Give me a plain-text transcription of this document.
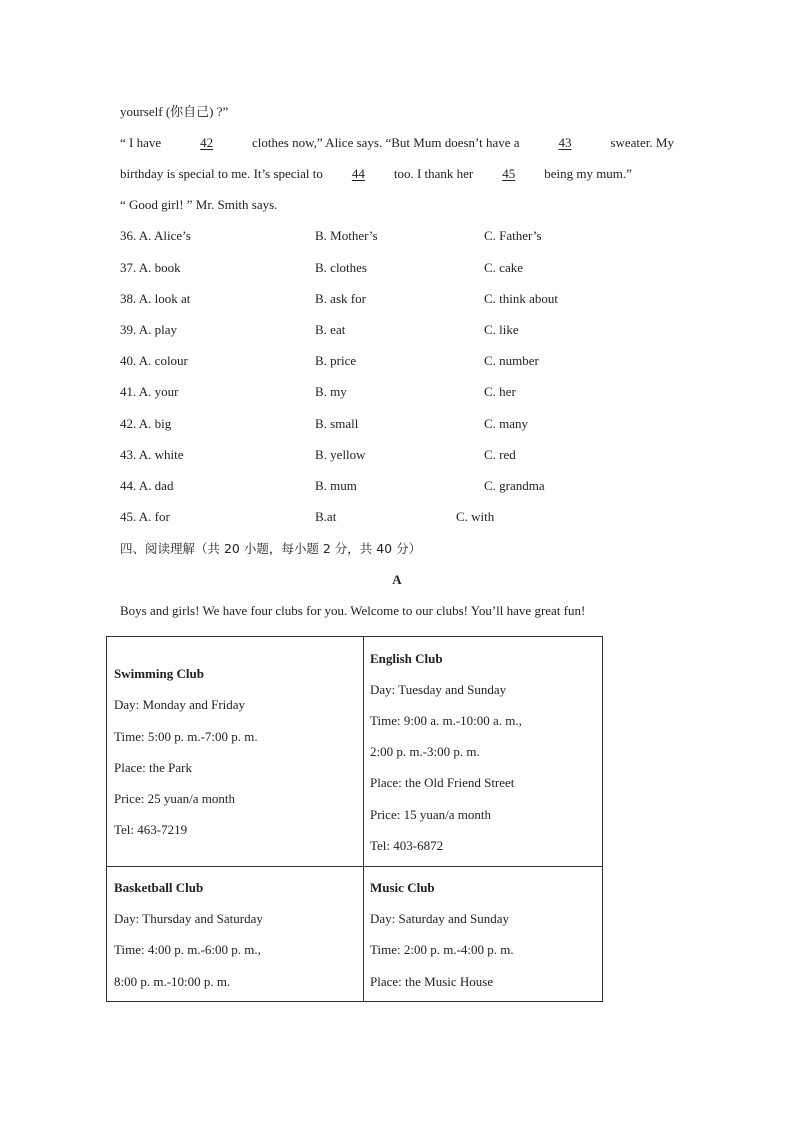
yourself (你自己) ?”
“ I have	42	clothes now,” Alice says. “But Mum doesn’t have a	43	sweater. My
birthday is special to me. It’s special to	44	too. I thank her	45	being my mum.”
“ Good girl! ” Mr. Smith says.
36. A. Alice’s	B. Mother’s	C. Father’s
37. A. book	B. clothes	C. cake
38. A. look at	B. ask for	C. think about
39. A. play	B. eat	C. like
40. A. colour	B. price	C. number
41. A. your	B. my	C. her
42. A. big	B. small	C. many
43. A. white	B. yellow	C. red
44. A. dad	B. mum	C. grandma
45. A. for	B.at	C. with
四、阅读理解（共 20 小题，每小题 2 分，共 40 分）
A
Boys and girls! We have four clubs for you. Welcome to our clubs! You’ll have great fun!
Swimming Club
Day: Monday and Friday
Time: 5:00 p. m.-7:00 p. m.
Place: the Park
Price: 25 yuan/a month
Tel: 463-7219
English Club
Day: Tuesday and Sunday
Time: 9:00 a. m.-10:00 a. m.,
2:00 p. m.-3:00 p. m.
Place: the Old Friend Street
Price: 15 yuan/a month
Tel: 403-6872
Basketball Club
Day: Thursday and Saturday
Time: 4:00 p. m.-6:00 p. m.,
8:00 p. m.-10:00 p. m.
Music Club
Day: Saturday and Sunday
Time: 2:00 p. m.-4:00 p. m.
Place: the Music House
